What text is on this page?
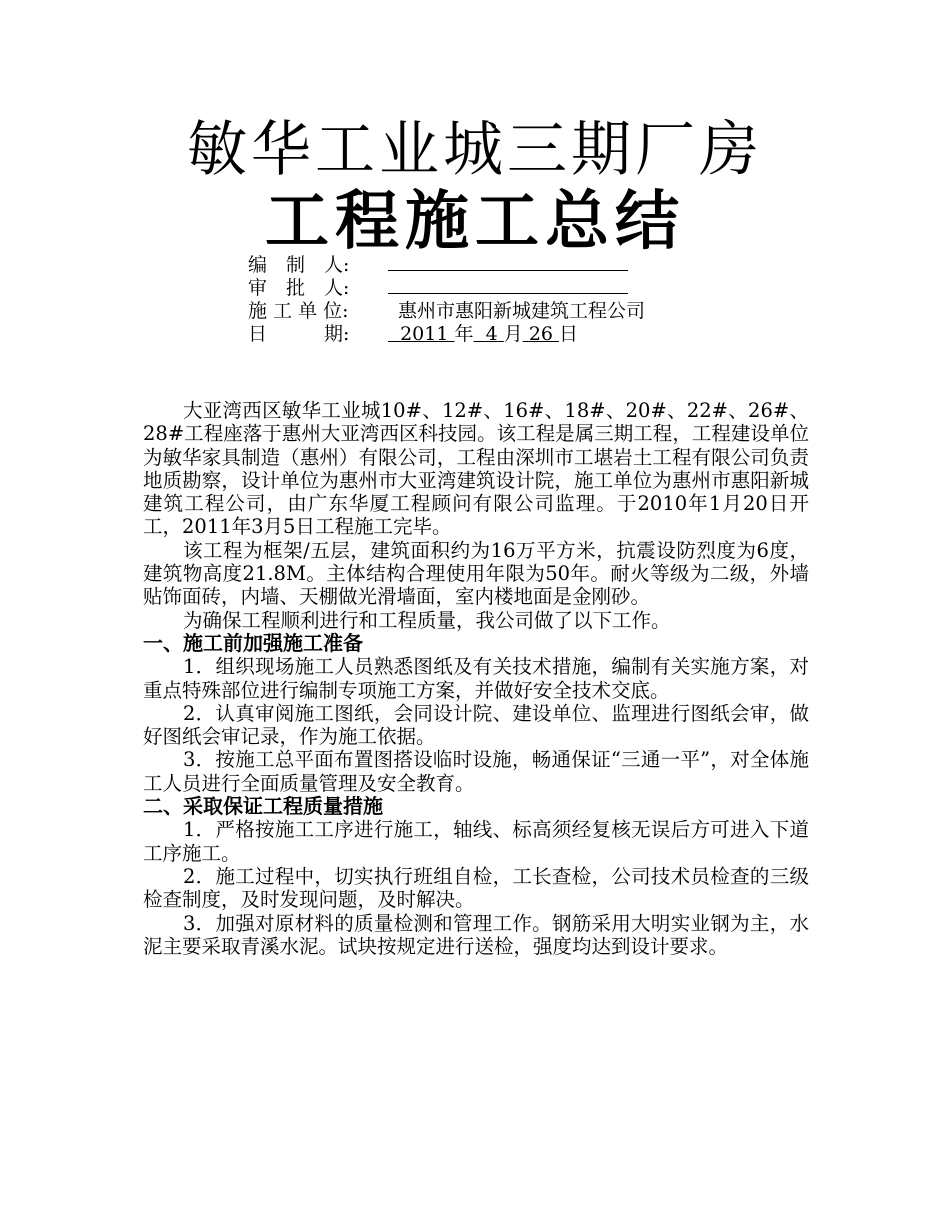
敏华工业城三期厂房
工程施工总结
编　制　人:
审　批　人:
施 工 单 位:	惠州市惠阳新城建筑工程公司
日　　　期:	2011 年 4 月 26 日

大亚湾西区敏华工业城10#、12#、16#、18#、20#、22#、26#、28#工程座落于惠州大亚湾西区科技园。该工程是属三期工程，工程建设单位为敏华家具制造（惠州）有限公司，工程由深圳市工堪岩土工程有限公司负责地质勘察，设计单位为惠州市大亚湾建筑设计院，施工单位为惠州市惠阳新城建筑工程公司，由广东华厦工程顾问有限公司监理。于2010年1月20日开工，2011年3月5日工程施工完毕。

该工程为框架/五层，建筑面积约为16万平方米，抗震设防烈度为6度，建筑物高度21.8M。主体结构合理使用年限为50年。耐火等级为二级，外墙贴饰面砖，内墙、天棚做光滑墙面，室内楼地面是金刚砂。

为确保工程顺利进行和工程质量，我公司做了以下工作。

一、施工前加强施工准备

1．组织现场施工人员熟悉图纸及有关技术措施，编制有关实施方案，对重点特殊部位进行编制专项施工方案，并做好安全技术交底。

2．认真审阅施工图纸，会同设计院、建设单位、监理进行图纸会审，做好图纸会审记录，作为施工依据。

3．按施工总平面布置图搭设临时设施，畅通保证“三通一平”，对全体施工人员进行全面质量管理及安全教育。

二、采取保证工程质量措施

1．严格按施工工序进行施工，轴线、标高须经复核无误后方可进入下道工序施工。

2．施工过程中，切实执行班组自检，工长查检，公司技术员检查的三级检查制度，及时发现问题，及时解决。

3．加强对原材料的质量检测和管理工作。钢筋采用大明实业钢为主，水泥主要采取青溪水泥。试块按规定进行送检，强度均达到设计要求。
